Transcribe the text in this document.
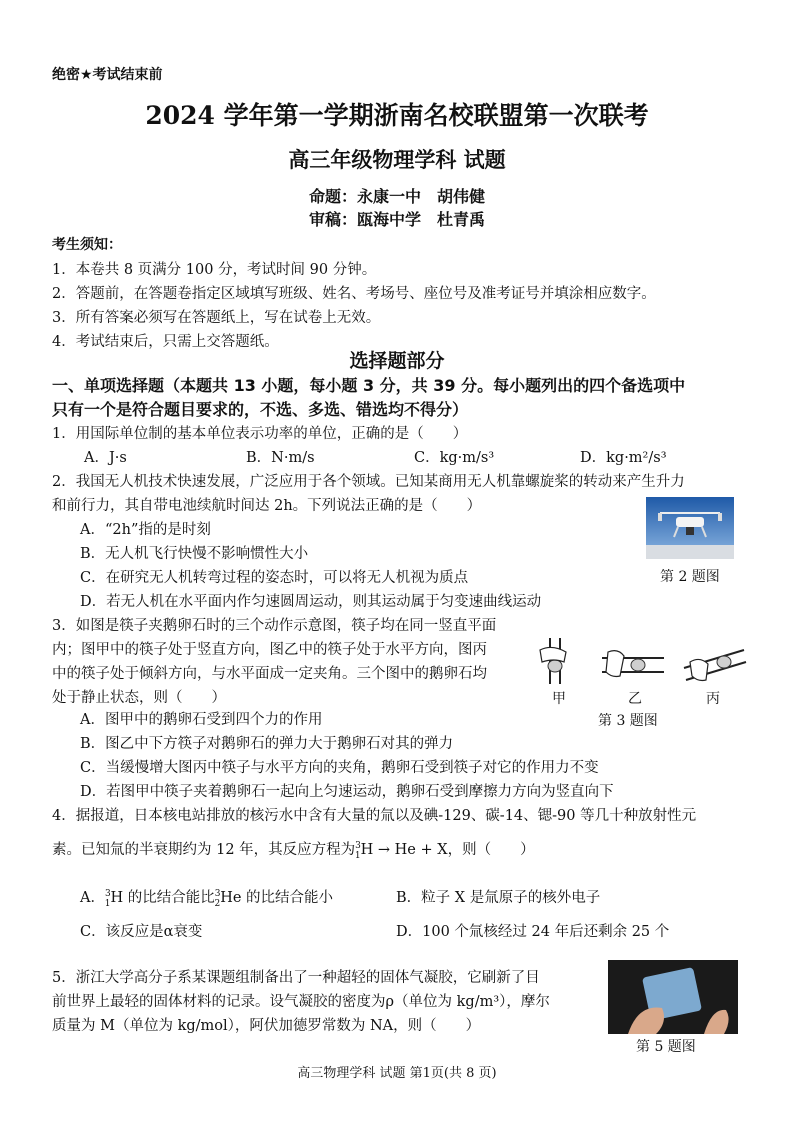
绝密★考试结束前
2024 学年第一学期浙南名校联盟第一次联考
高三年级物理学科 试题
命题：永康一中　胡伟健
审稿：瓯海中学　杜青禹
考生须知：
1．本卷共 8 页满分 100 分，考试时间 90 分钟。
2．答题前，在答题卷指定区域填写班级、姓名、考场号、座位号及准考证号并填涂相应数字。
3．所有答案必须写在答题纸上，写在试卷上无效。
4．考试结束后，只需上交答题纸。
选择题部分
一、单项选择题（本题共 13 小题，每小题 3 分，共 39 分。每小题列出的四个备选项中
只有一个是符合题目要求的，不选、多选、错选均不得分）
1．用国际单位制的基本单位表示功率的单位，正确的是（　　）
A．J·s	B．N·m/s	C．kg·m/s³	D．kg·m²/s³
2．我国无人机技术快速发展，广泛应用于各个领域。已知某商用无人机靠螺旋桨的转动来产生升力
和前行力，其自带电池续航时间达 2h。下列说法正确的是（　　）
A．“2h”指的是时刻
B．无人机飞行快慢不影响惯性大小
C．在研究无人机转弯过程的姿态时，可以将无人机视为质点
D．若无人机在水平面内作匀速圆周运动，则其运动属于匀变速曲线运动
第 2 题图
3．如图是筷子夹鹅卵石时的三个动作示意图，筷子均在同一竖直平面
内；图甲中的筷子处于竖直方向，图乙中的筷子处于水平方向，图丙
中的筷子处于倾斜方向，与水平面成一定夹角。三个图中的鹅卵石均
处于静止状态，则（　　）
A．图甲中的鹅卵石受到四个力的作用
B．图乙中下方筷子对鹅卵石的弹力大于鹅卵石对其的弹力
C．当缓慢增大图丙中筷子与水平方向的夹角，鹅卵石受到筷子对它的作用力不变
D．若图甲中筷子夹着鹅卵石一起向上匀速运动，鹅卵石受到摩擦力方向为竖直向下
甲	乙	丙
第 3 题图
4．据报道，日本核电站排放的核污水中含有大量的氚以及碘-129、碳-14、锶-90 等几十种放射性元
素。已知氚的半衰期约为 12 年，其反应方程为$^3_1$H → He + X，则（　　）
A．$^3_1$H 的比结合能比$^3_2$He 的比结合能小	B．粒子 X 是氚原子的核外电子
C．该反应是α衰变	D．100 个氚核经过 24 年后还剩余 25 个
5．浙江大学高分子系某课题组制备出了一种超轻的固体气凝胶，它刷新了目
前世界上最轻的固体材料的记录。设气凝胶的密度为ρ（单位为 kg/m³），摩尔
质量为 M（单位为 kg/mol），阿伏加德罗常数为 NA，则（　　）
第 5 题图
高三物理学科 试题 第1页(共 8 页)
